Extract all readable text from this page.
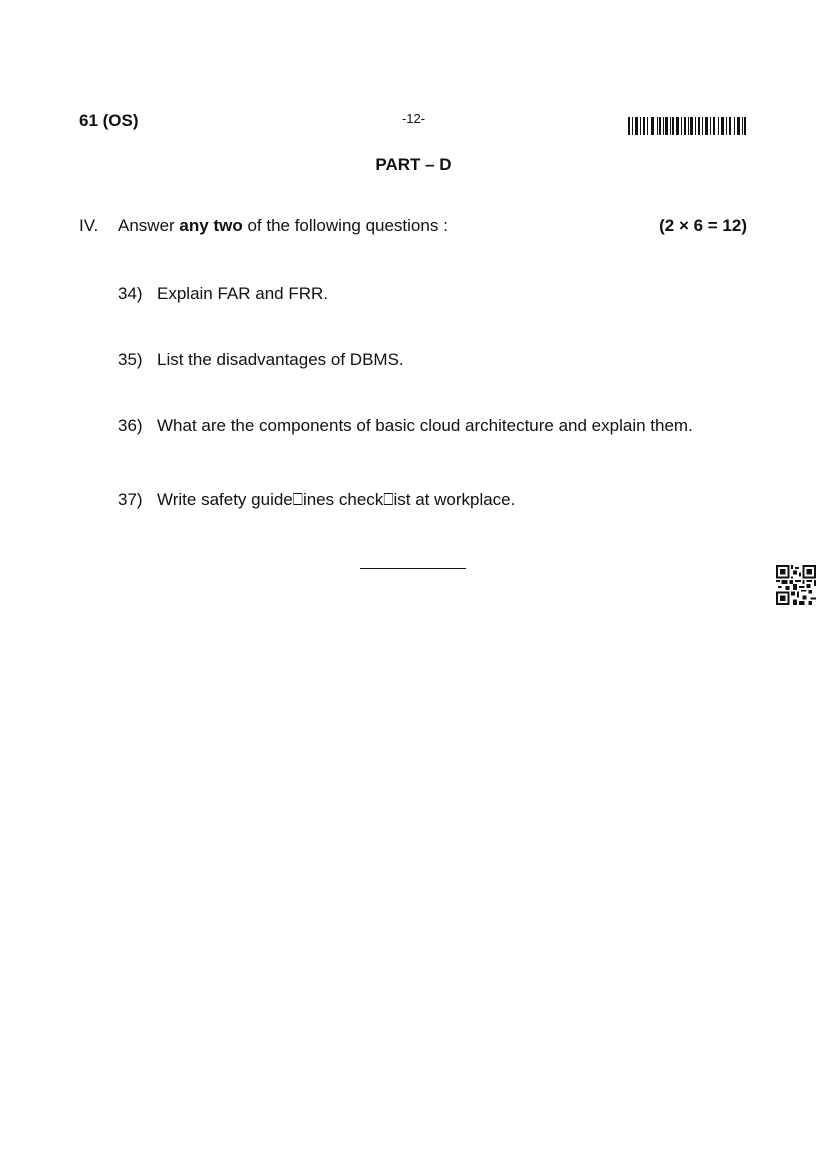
61 (OS)	-12-
PART – D
IV. Answer any two of the following questions :	(2 × 6 = 12)
34) Explain FAR and FRR.
35) List the disadvantages of DBMS.
36) What are the components of basic cloud architecture and explain them.
37) Write safety guide⎕ines check⎕ist at workplace.
